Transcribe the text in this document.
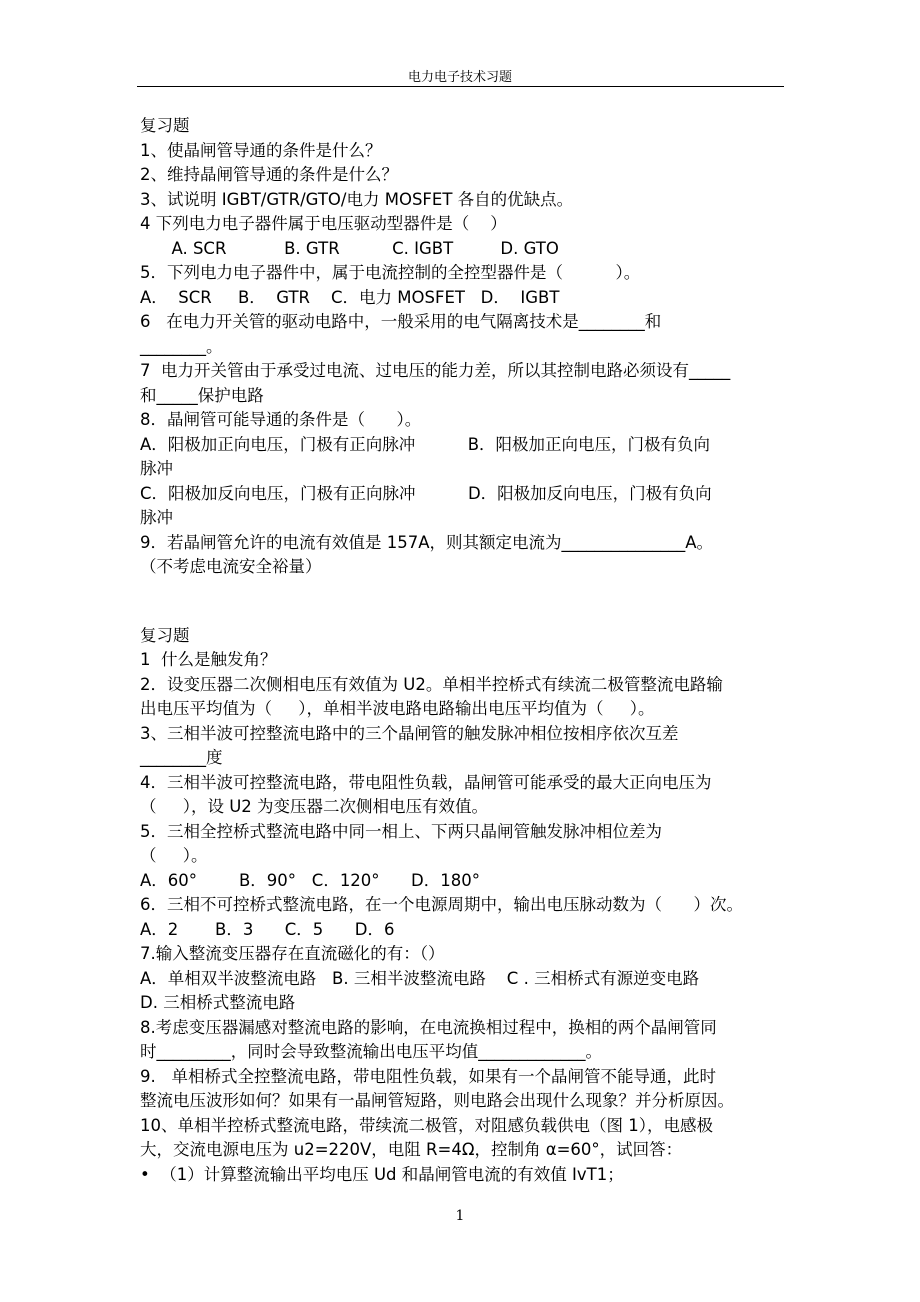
电力电子技术习题
复习题
1、使晶闸管导通的条件是什么？
2、维持晶闸管导通的条件是什么？
3、试说明 IGBT/GTR/GTO/电力 MOSFET 各自的优缺点。
4 下列电力电子器件属于电压驱动型器件是（    ）
A. SCR           B. GTR          C. IGBT         D. GTO
5．下列电力电子器件中，属于电流控制的全控型器件是（          ）。
A．  SCR     B．  GTR    C．电力 MOSFET   D．  IGBT
6   在电力开关管的驱动电路中，一般采用的电气隔离技术是________和
________。
7  电力开关管由于承受过电流、过电压的能力差，所以其控制电路必须设有_____
和_____保护电路
8．晶闸管可能导通的条件是（      ）。
A．阳极加正向电压，门极有正向脉冲          B．阳极加正向电压，门极有负向
脉冲
C．阳极加反向电压，门极有正向脉冲          D．阳极加反向电压，门极有负向
脉冲
9．若晶闸管允许的电流有效值是 157A，则其额定电流为_______________A。
（不考虑电流安全裕量）
复习题
1  什么是触发角？
2．设变压器二次侧相电压有效值为 U2。单相半控桥式有续流二极管整流电路输
出电压平均值为（     ），单相半波电路电路输出电压平均值为（     ）。
3、三相半波可控整流电路中的三个晶闸管的触发脉冲相位按相序依次互差
________度
4．三相半波可控整流电路，带电阻性负载，晶闸管可能承受的最大正向电压为
（     ），设 U2 为变压器二次侧相电压有效值。
5．三相全控桥式整流电路中同一相上、下两只晶闸管触发脉冲相位差为
（     ）。
A．60°        B．90°   C．120°      D．180°
6．三相不可控桥式整流电路，在一个电源周期中，输出电压脉动数为（      ）次。
A．2       B．3      C．5      D．6
7.输入整流变压器存在直流磁化的有：（）
A．单相双半波整流电路   B. 三相半波整流电路    C . 三相桥式有源逆变电路
D. 三相桥式整流电路
8.考虑变压器漏感对整流电路的影响，在电流换相过程中，换相的两个晶闸管同
时_________，同时会导致整流输出电压平均值_____________。
9.   单相桥式全控整流电路，带电阻性负载，如果有一个晶闸管不能导通，此时
整流电压波形如何？如果有一晶闸管短路，则电路会出现什么现象？并分析原因。
10、单相半控桥式整流电路，带续流二极管，对阻感负载供电（图 1），电感极
大，交流电源电压为 u2=220V，电阻 R=4Ω，控制角 α=60°，试回答：
•  （1）计算整流输出平均电压 Ud 和晶闸管电流的有效值 IvT1；
1
